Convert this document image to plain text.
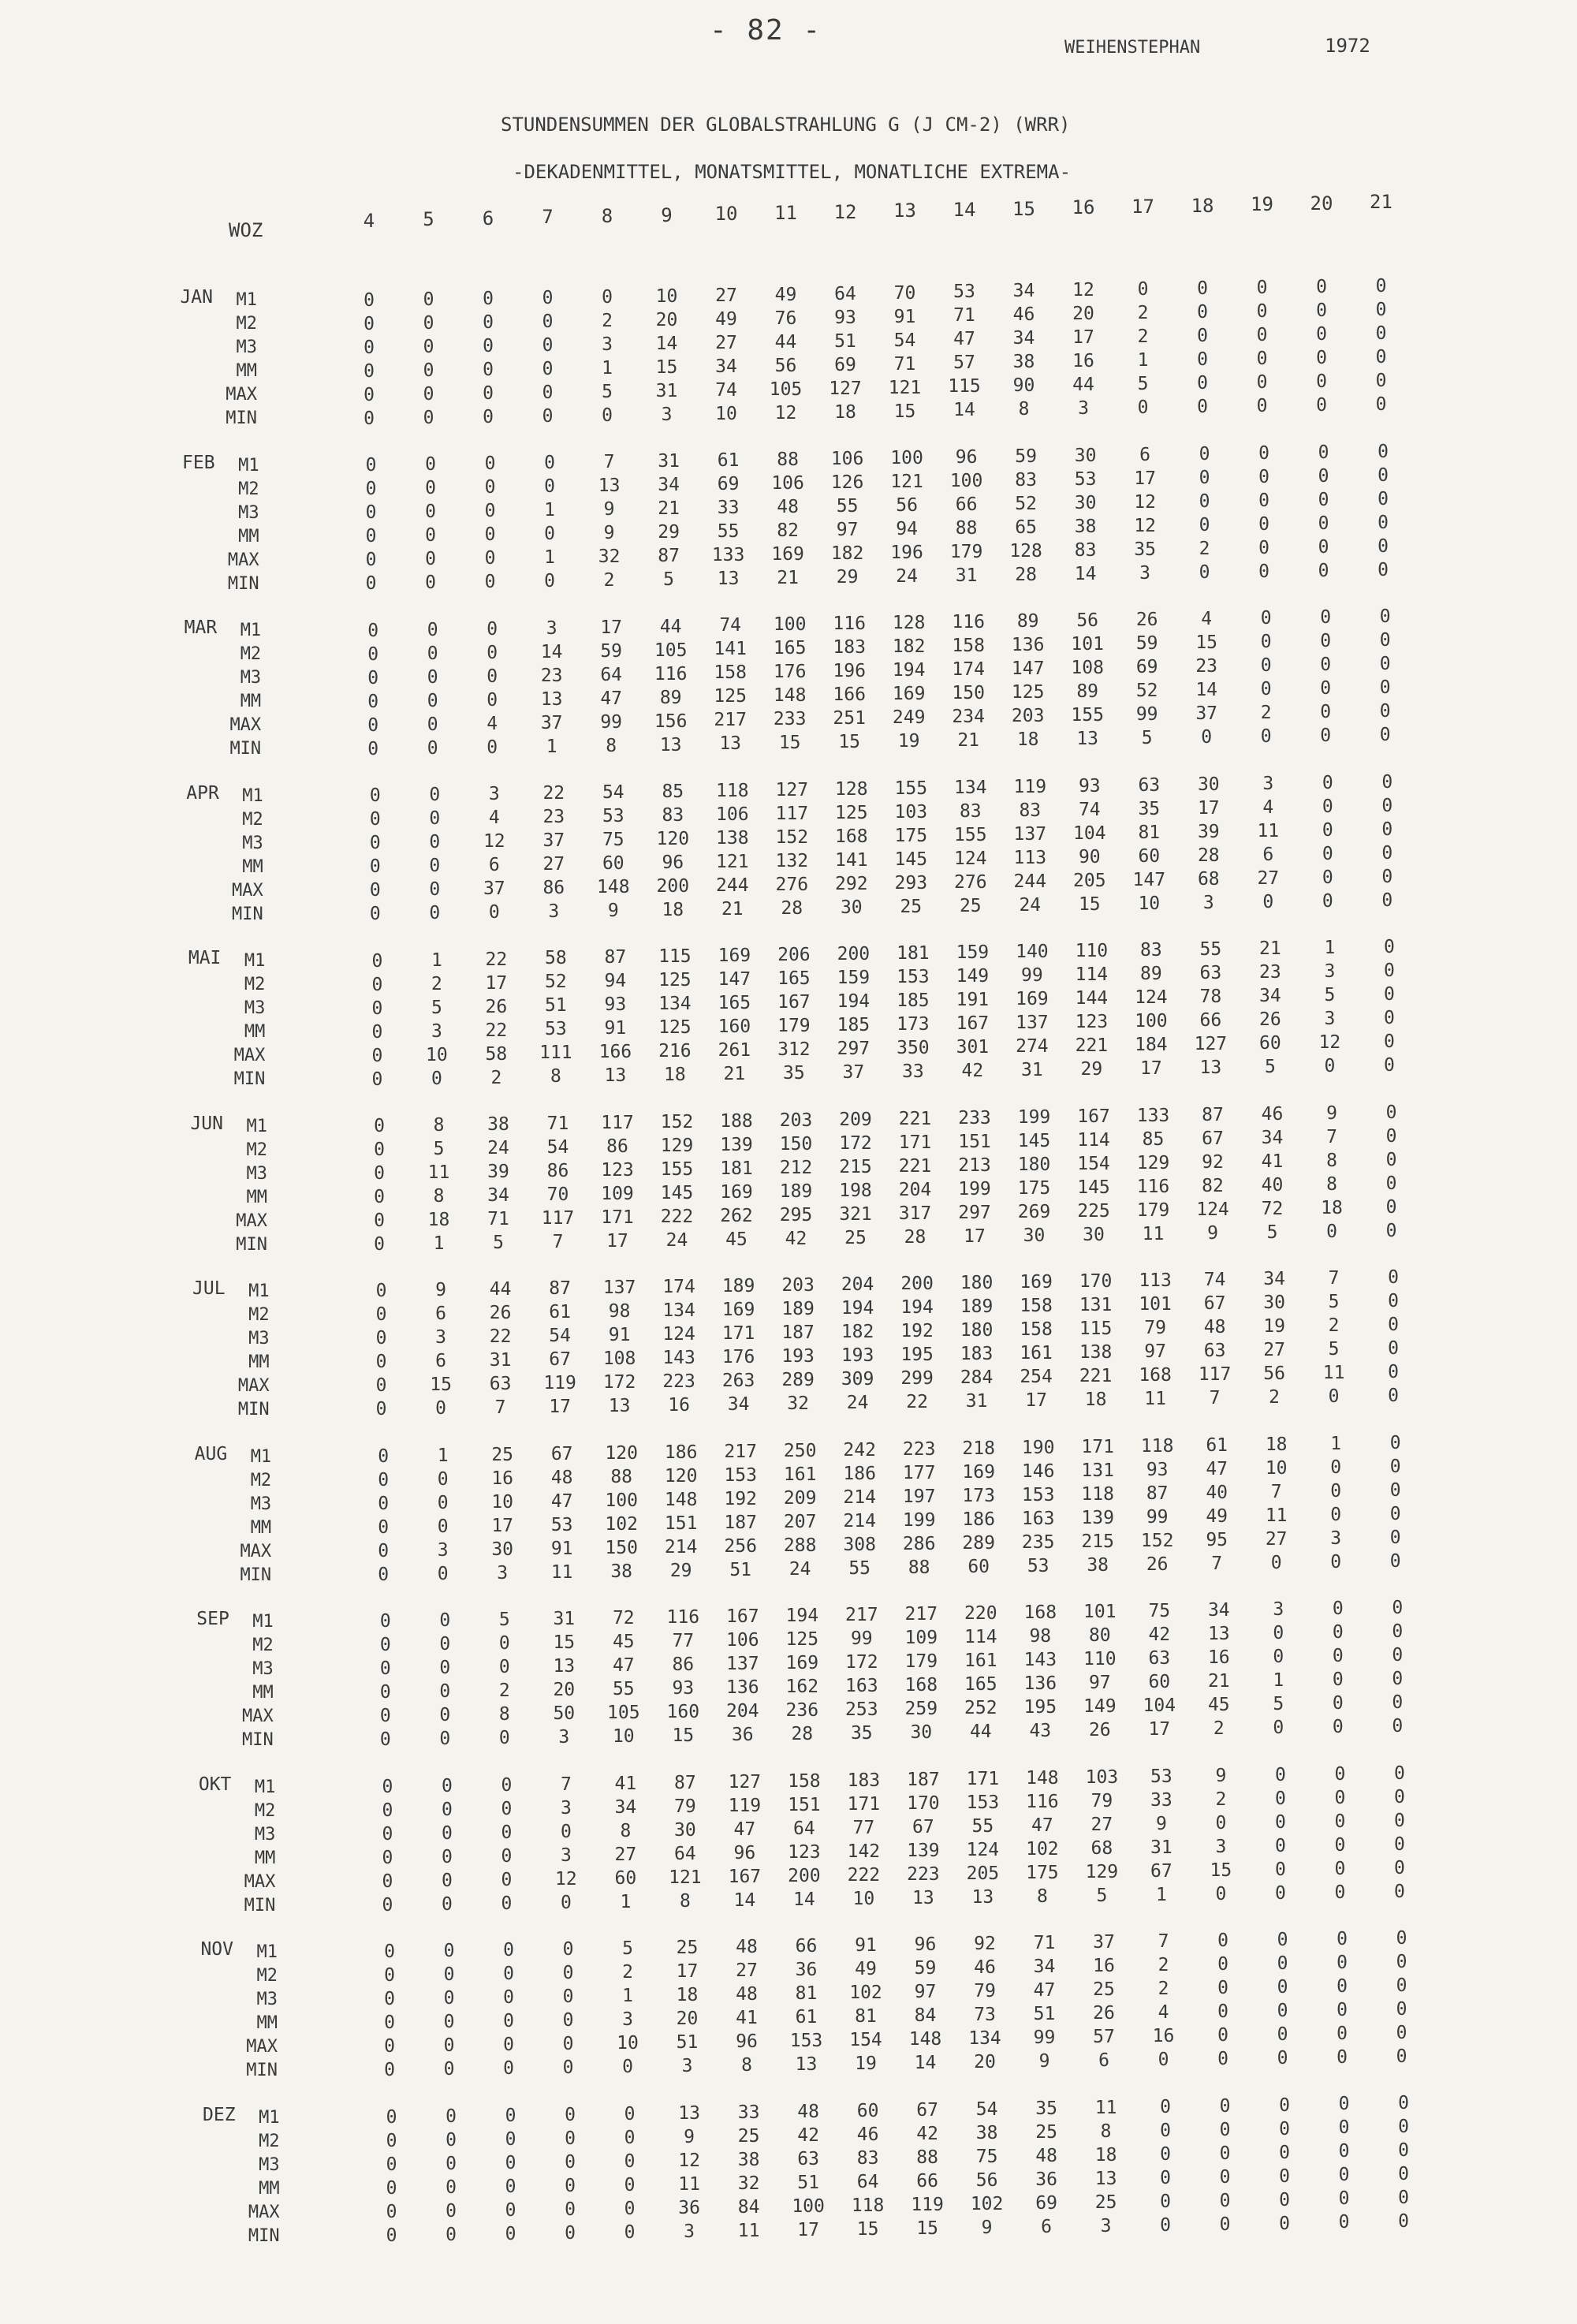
- 82 -
WEIHENSTEPHAN	1972
STUNDENSUMMEN DER GLOBALSTRAHLUNG G (J CM-2) (WRR)
-DEKADENMITTEL, MONATSMITTEL, MONATLICHE EXTREMA-
WOZ	4	5	6	7	8	9	10	11	12	13	14	15	16	17	18	19	20	21
JAN	M1	0	0	0	0	0	10	27	49	64	70	53	34	12	0	0	0	0	0
M2	0	0	0	0	2	20	49	76	93	91	71	46	20	2	0	0	0	0
M3	0	0	0	0	3	14	27	44	51	54	47	34	17	2	0	0	0	0
MM	0	0	0	0	1	15	34	56	69	71	57	38	16	1	0	0	0	0
MAX	0	0	0	0	5	31	74	105	127	121	115	90	44	5	0	0	0	0
MIN	0	0	0	0	0	3	10	12	18	15	14	8	3	0	0	0	0	0
FEB	M1	0	0	0	0	7	31	61	88	106	100	96	59	30	6	0	0	0	0
M2	0	0	0	0	13	34	69	106	126	121	100	83	53	17	0	0	0	0
M3	0	0	0	1	9	21	33	48	55	56	66	52	30	12	0	0	0	0
MM	0	0	0	0	9	29	55	82	97	94	88	65	38	12	0	0	0	0
MAX	0	0	0	1	32	87	133	169	182	196	179	128	83	35	2	0	0	0
MIN	0	0	0	0	2	5	13	21	29	24	31	28	14	3	0	0	0	0
MAR	M1	0	0	0	3	17	44	74	100	116	128	116	89	56	26	4	0	0	0
M2	0	0	0	14	59	105	141	165	183	182	158	136	101	59	15	0	0	0
M3	0	0	0	23	64	116	158	176	196	194	174	147	108	69	23	0	0	0
MM	0	0	0	13	47	89	125	148	166	169	150	125	89	52	14	0	0	0
MAX	0	0	4	37	99	156	217	233	251	249	234	203	155	99	37	2	0	0
MIN	0	0	0	1	8	13	13	15	15	19	21	18	13	5	0	0	0	0
APR	M1	0	0	3	22	54	85	118	127	128	155	134	119	93	63	30	3	0	0
M2	0	0	4	23	53	83	106	117	125	103	83	83	74	35	17	4	0	0
M3	0	0	12	37	75	120	138	152	168	175	155	137	104	81	39	11	0	0
MM	0	0	6	27	60	96	121	132	141	145	124	113	90	60	28	6	0	0
MAX	0	0	37	86	148	200	244	276	292	293	276	244	205	147	68	27	0	0
MIN	0	0	0	3	9	18	21	28	30	25	25	24	15	10	3	0	0	0
MAI	M1	0	1	22	58	87	115	169	206	200	181	159	140	110	83	55	21	1	0
M2	0	2	17	52	94	125	147	165	159	153	149	99	114	89	63	23	3	0
M3	0	5	26	51	93	134	165	167	194	185	191	169	144	124	78	34	5	0
MM	0	3	22	53	91	125	160	179	185	173	167	137	123	100	66	26	3	0
MAX	0	10	58	111	166	216	261	312	297	350	301	274	221	184	127	60	12	0
MIN	0	0	2	8	13	18	21	35	37	33	42	31	29	17	13	5	0	0
JUN	M1	0	8	38	71	117	152	188	203	209	221	233	199	167	133	87	46	9	0
M2	0	5	24	54	86	129	139	150	172	171	151	145	114	85	67	34	7	0
M3	0	11	39	86	123	155	181	212	215	221	213	180	154	129	92	41	8	0
MM	0	8	34	70	109	145	169	189	198	204	199	175	145	116	82	40	8	0
MAX	0	18	71	117	171	222	262	295	321	317	297	269	225	179	124	72	18	0
MIN	0	1	5	7	17	24	45	42	25	28	17	30	30	11	9	5	0	0
JUL	M1	0	9	44	87	137	174	189	203	204	200	180	169	170	113	74	34	7	0
M2	0	6	26	61	98	134	169	189	194	194	189	158	131	101	67	30	5	0
M3	0	3	22	54	91	124	171	187	182	192	180	158	115	79	48	19	2	0
MM	0	6	31	67	108	143	176	193	193	195	183	161	138	97	63	27	5	0
MAX	0	15	63	119	172	223	263	289	309	299	284	254	221	168	117	56	11	0
MIN	0	0	7	17	13	16	34	32	24	22	31	17	18	11	7	2	0	0
AUG	M1	0	1	25	67	120	186	217	250	242	223	218	190	171	118	61	18	1	0
M2	0	0	16	48	88	120	153	161	186	177	169	146	131	93	47	10	0	0
M3	0	0	10	47	100	148	192	209	214	197	173	153	118	87	40	7	0	0
MM	0	0	17	53	102	151	187	207	214	199	186	163	139	99	49	11	0	0
MAX	0	3	30	91	150	214	256	288	308	286	289	235	215	152	95	27	3	0
MIN	0	0	3	11	38	29	51	24	55	88	60	53	38	26	7	0	0	0
SEP	M1	0	0	5	31	72	116	167	194	217	217	220	168	101	75	34	3	0	0
M2	0	0	0	15	45	77	106	125	99	109	114	98	80	42	13	0	0	0
M3	0	0	0	13	47	86	137	169	172	179	161	143	110	63	16	0	0	0
MM	0	0	2	20	55	93	136	162	163	168	165	136	97	60	21	1	0	0
MAX	0	0	8	50	105	160	204	236	253	259	252	195	149	104	45	5	0	0
MIN	0	0	0	3	10	15	36	28	35	30	44	43	26	17	2	0	0	0
OKT	M1	0	0	0	7	41	87	127	158	183	187	171	148	103	53	9	0	0	0
M2	0	0	0	3	34	79	119	151	171	170	153	116	79	33	2	0	0	0
M3	0	0	0	0	8	30	47	64	77	67	55	47	27	9	0	0	0	0
MM	0	0	0	3	27	64	96	123	142	139	124	102	68	31	3	0	0	0
MAX	0	0	0	12	60	121	167	200	222	223	205	175	129	67	15	0	0	0
MIN	0	0	0	0	1	8	14	14	10	13	13	8	5	1	0	0	0	0
NOV	M1	0	0	0	0	5	25	48	66	91	96	92	71	37	7	0	0	0	0
M2	0	0	0	0	2	17	27	36	49	59	46	34	16	2	0	0	0	0
M3	0	0	0	0	1	18	48	81	102	97	79	47	25	2	0	0	0	0
MM	0	0	0	0	3	20	41	61	81	84	73	51	26	4	0	0	0	0
MAX	0	0	0	0	10	51	96	153	154	148	134	99	57	16	0	0	0	0
MIN	0	0	0	0	0	3	8	13	19	14	20	9	6	0	0	0	0	0
DEZ	M1	0	0	0	0	0	13	33	48	60	67	54	35	11	0	0	0	0	0
M2	0	0	0	0	0	9	25	42	46	42	38	25	8	0	0	0	0	0
M3	0	0	0	0	0	12	38	63	83	88	75	48	18	0	0	0	0	0
MM	0	0	0	0	0	11	32	51	64	66	56	36	13	0	0	0	0	0
MAX	0	0	0	0	0	36	84	100	118	119	102	69	25	0	0	0	0	0
MIN	0	0	0	0	0	3	11	17	15	15	9	6	3	0	0	0	0	0
